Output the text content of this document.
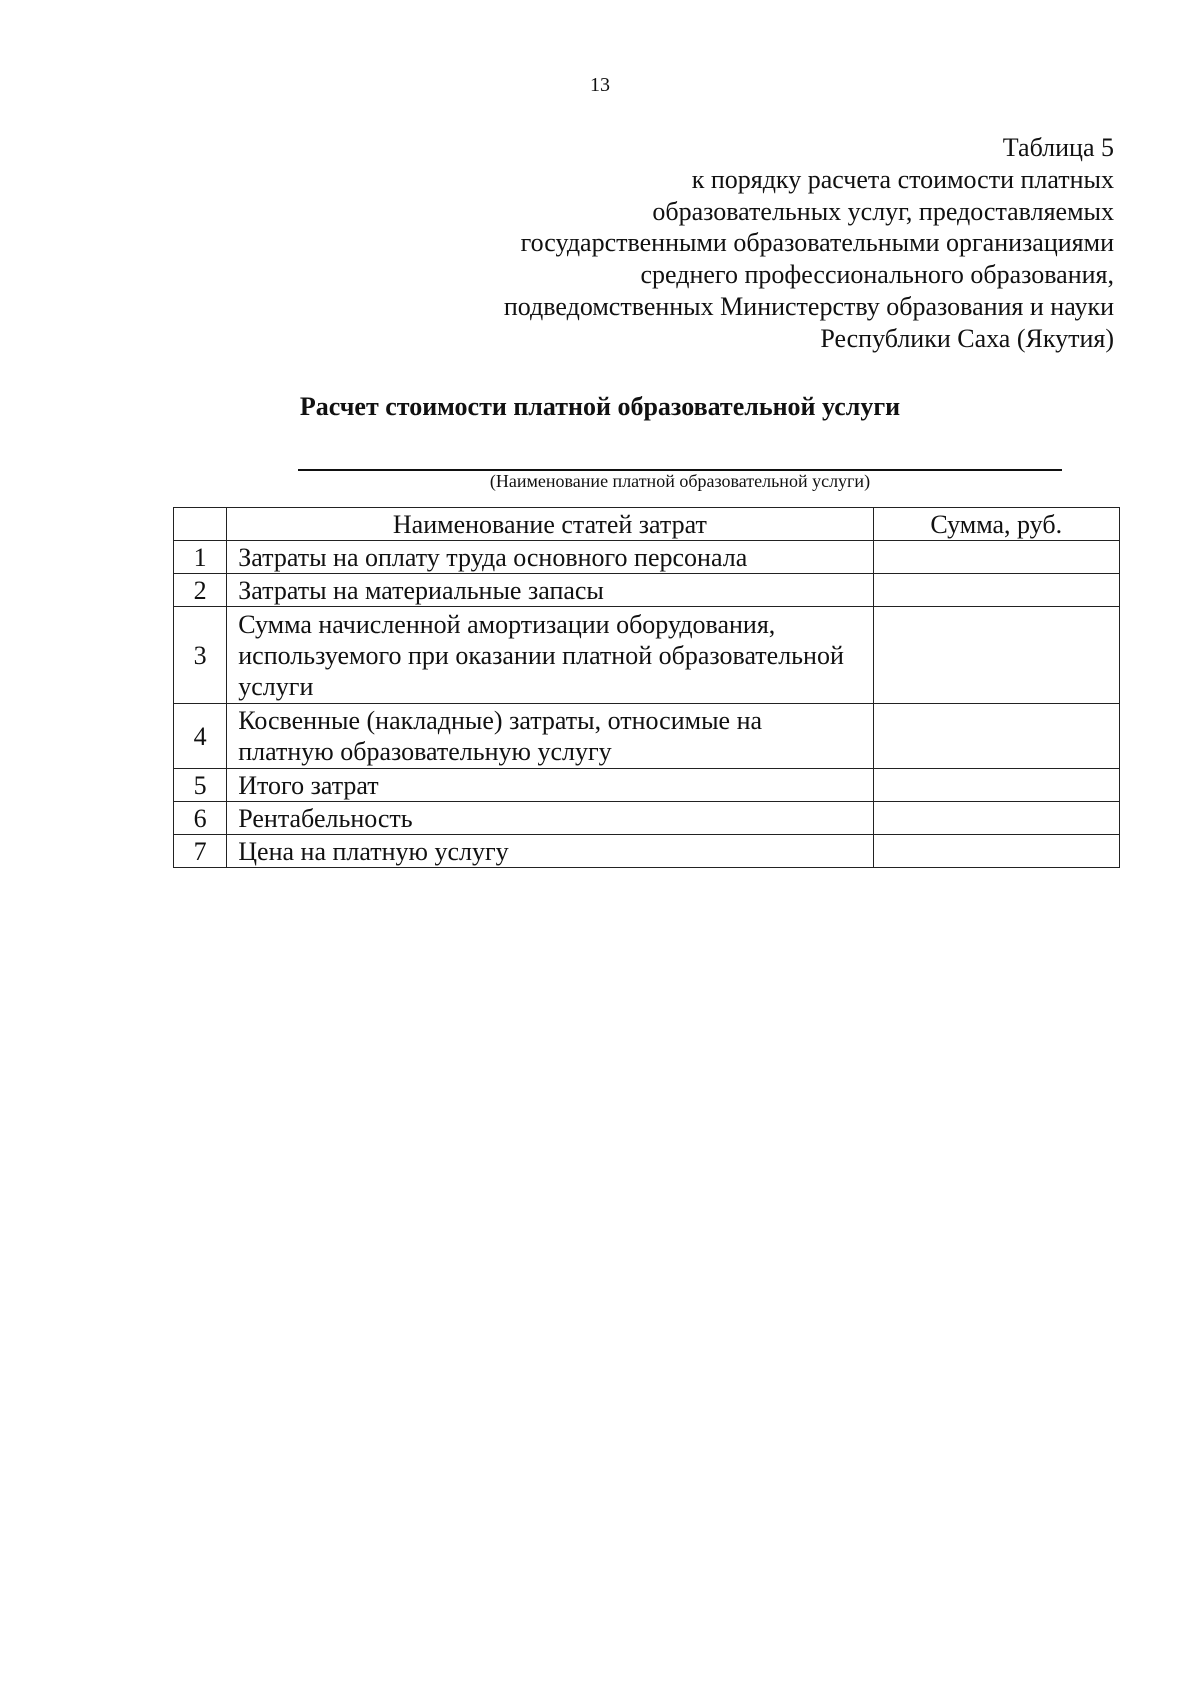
13
Таблица 5
к порядку расчета стоимости платных
образовательных услуг, предоставляемых
государственными образовательными организациями
среднего профессионального образования,
подведомственных Министерству образования и науки
Республики Саха (Якутия)
Расчет стоимости платной образовательной услуги
(Наименование платной образовательной услуги)
	Наименование статей затрат	Сумма, руб.
1	Затраты на оплату труда основного персонала	
2	Затраты на материальные запасы	
3	Сумма начисленной амортизации оборудования, используемого при оказании платной образовательной услуги	
4	Косвенные (накладные) затраты, относимые на платную образовательную услугу	
5	Итого затрат	
6	Рентабельность	
7	Цена на платную услугу	
